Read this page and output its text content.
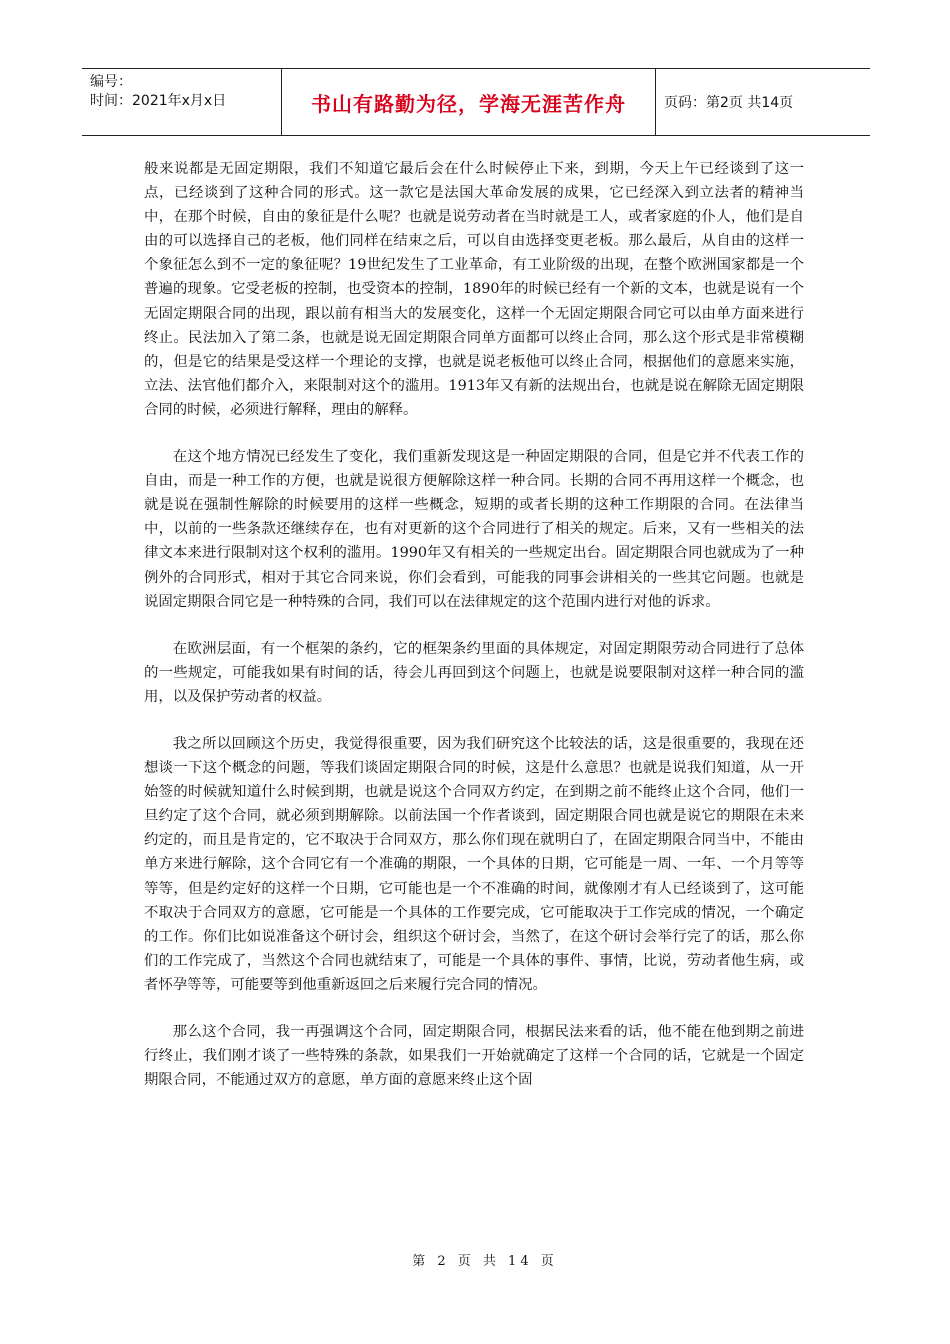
编号：
时间：2021年x月x日	书山有路勤为径，学海无涯苦作舟	页码：第2页 共14页

般来说都是无固定期限，我们不知道它最后会在什么时候停止下来，到期，今天上午已经谈到了这一点，已经谈到了这种合同的形式。这一款它是法国大革命发展的成果，它已经深入到立法者的精神当中，在那个时候，自由的象征是什么呢？也就是说劳动者在当时就是工人，或者家庭的仆人，他们是自由的可以选择自己的老板，他们同样在结束之后，可以自由选择变更老板。那么最后，从自由的这样一个象征怎么到不一定的象征呢？19世纪发生了工业革命，有工业阶级的出现，在整个欧洲国家都是一个普遍的现象。它受老板的控制，也受资本的控制，1890年的时候已经有一个新的文本，也就是说有一个无固定期限合同的出现，跟以前有相当大的发展变化，这样一个无固定期限合同它可以由单方面来进行终止。民法加入了第二条，也就是说无固定期限合同单方面都可以终止合同，那么这个形式是非常模糊的，但是它的结果是受这样一个理论的支撑，也就是说老板他可以终止合同，根据他们的意愿来实施，立法、法官他们都介入，来限制对这个的滥用。1913年又有新的法规出台，也就是说在解除无固定期限合同的时候，必须进行解释，理由的解释。

在这个地方情况已经发生了变化，我们重新发现这是一种固定期限的合同，但是它并不代表工作的自由，而是一种工作的方便，也就是说很方便解除这样一种合同。长期的合同不再用这样一个概念，也就是说在强制性解除的时候要用的这样一些概念，短期的或者长期的这种工作期限的合同。在法律当中，以前的一些条款还继续存在，也有对更新的这个合同进行了相关的规定。后来，又有一些相关的法律文本来进行限制对这个权利的滥用。1990年又有相关的一些规定出台。固定期限合同也就成为了一种例外的合同形式，相对于其它合同来说，你们会看到，可能我的同事会讲相关的一些其它问题。也就是说固定期限合同它是一种特殊的合同，我们可以在法律规定的这个范围内进行对他的诉求。

在欧洲层面，有一个框架的条约，它的框架条约里面的具体规定，对固定期限劳动合同进行了总体的一些规定，可能我如果有时间的话，待会儿再回到这个问题上，也就是说要限制对这样一种合同的滥用，以及保护劳动者的权益。

我之所以回顾这个历史，我觉得很重要，因为我们研究这个比较法的话，这是很重要的，我现在还想谈一下这个概念的问题，等我们谈固定期限合同的时候，这是什么意思？也就是说我们知道，从一开始签的时候就知道什么时候到期，也就是说这个合同双方约定，在到期之前不能终止这个合同，他们一旦约定了这个合同，就必须到期解除。以前法国一个作者谈到，固定期限合同也就是说它的期限在未来约定的，而且是肯定的，它不取决于合同双方，那么你们现在就明白了，在固定期限合同当中，不能由单方来进行解除，这个合同它有一个准确的期限，一个具体的日期，它可能是一周、一年、一个月等等等等，但是约定好的这样一个日期，它可能也是一个不准确的时间，就像刚才有人已经谈到了，这可能不取决于合同双方的意愿，它可能是一个具体的工作要完成，它可能取决于工作完成的情况，一个确定的工作。你们比如说准备这个研讨会，组织这个研讨会，当然了，在这个研讨会举行完了的话，那么你们的工作完成了，当然这个合同也就结束了，可能是一个具体的事件、事情，比说，劳动者他生病，或者怀孕等等，可能要等到他重新返回之后来履行完合同的情况。

那么这个合同，我一再强调这个合同，固定期限合同，根据民法来看的话，他不能在他到期之前进行终止，我们刚才谈了一些特殊的条款，如果我们一开始就确定了这样一个合同的话，它就是一个固定期限合同，不能通过双方的意愿，单方面的意愿来终止这个固

第 2 页 共 14 页
